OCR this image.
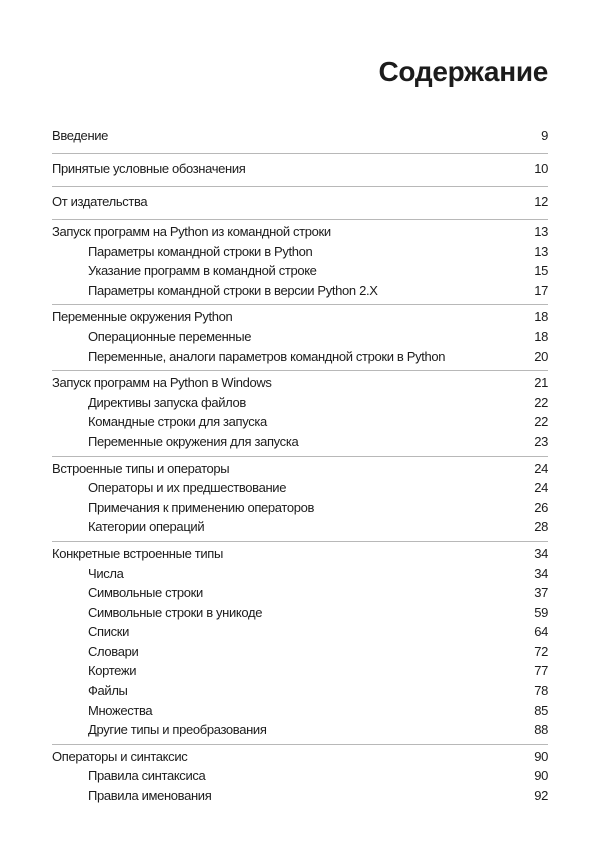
Содержание
Введение	9
Принятые условные обозначения	10
От издательства	12
Запуск программ на Python из командной строки	13
Параметры командной строки в Python	13
Указание программ в командной строке	15
Параметры командной строки в версии Python 2.X	17
Переменные окружения Python	18
Операционные переменные	18
Переменные, аналоги параметров командной строки в Python	20
Запуск программ на Python в Windows	21
Директивы запуска файлов	22
Командные строки для запуска	22
Переменные окружения для запуска	23
Встроенные типы и операторы	24
Операторы и их предшествование	24
Примечания к применению операторов	26
Категории операций	28
Конкретные встроенные типы	34
Числа	34
Символьные строки	37
Символьные строки в уникоде	59
Списки	64
Словари	72
Кортежи	77
Файлы	78
Множества	85
Другие типы и преобразования	88
Операторы и синтаксис	90
Правила синтаксиса	90
Правила именования	92
